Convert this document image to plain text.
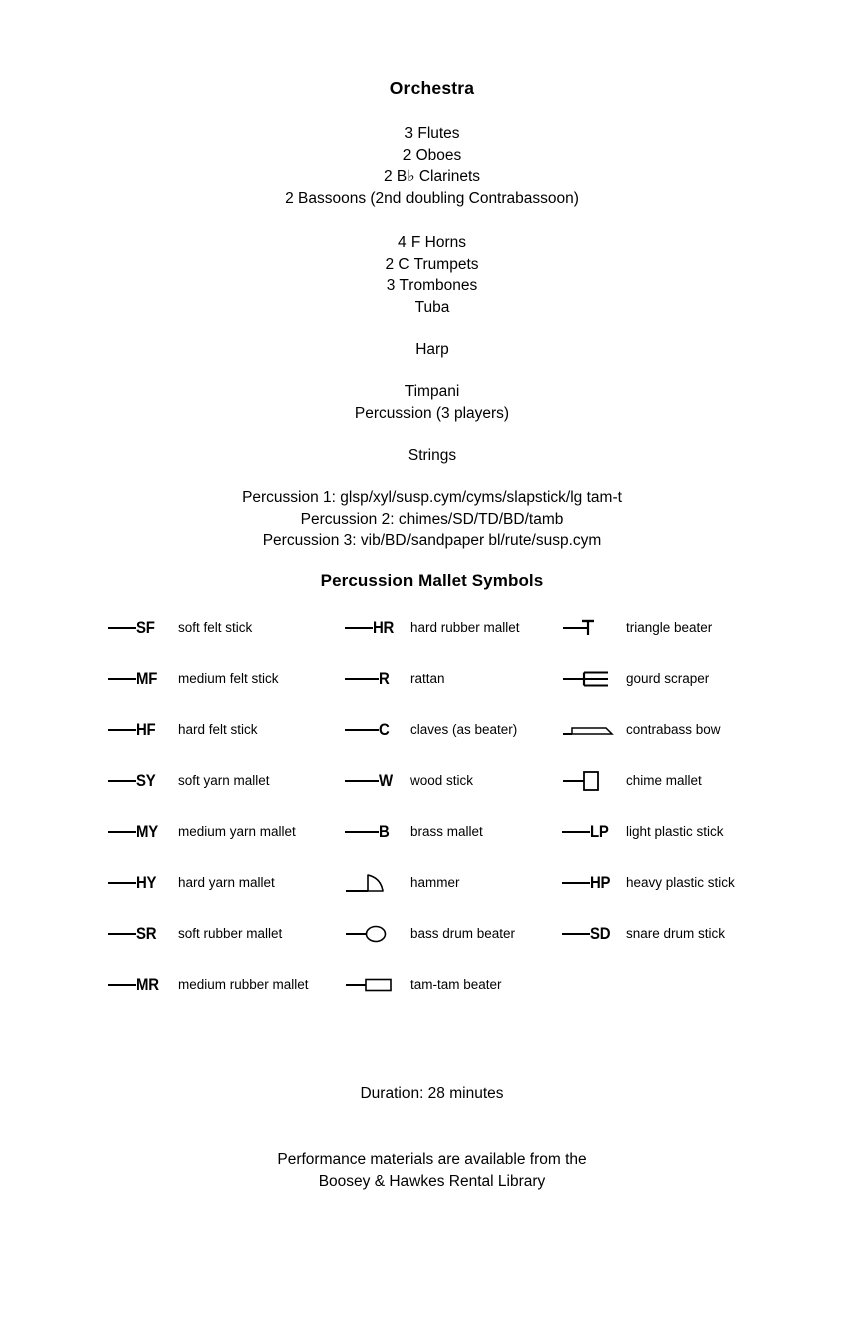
Orchestra
3 Flutes
2 Oboes
2 B♭ Clarinets
2 Bassoons (2nd doubling Contrabassoon)
4 F Horns
2 C Trumpets
3 Trombones
Tuba
Harp
Timpani
Percussion (3 players)
Strings
Percussion 1: glsp/xyl/susp.cym/cyms/slapstick/lg tam-t
Percussion 2: chimes/SD/TD/BD/tamb
Percussion 3: vib/BD/sandpaper bl/rute/susp.cym
Percussion Mallet Symbols
SF soft felt stick
MF medium felt stick
HF hard felt stick
SY soft yarn mallet
MY medium yarn mallet
HY hard yarn mallet
SR soft rubber mallet
MR medium rubber mallet
HR hard rubber mallet
R rattan
C claves (as beater)
W wood stick
B brass mallet
hammer
bass drum beater
tam-tam beater
triangle beater
gourd scraper
contrabass bow
chime mallet
LP light plastic stick
HP heavy plastic stick
SD snare drum stick
Duration: 28 minutes
Performance materials are available from the
Boosey & Hawkes Rental Library
